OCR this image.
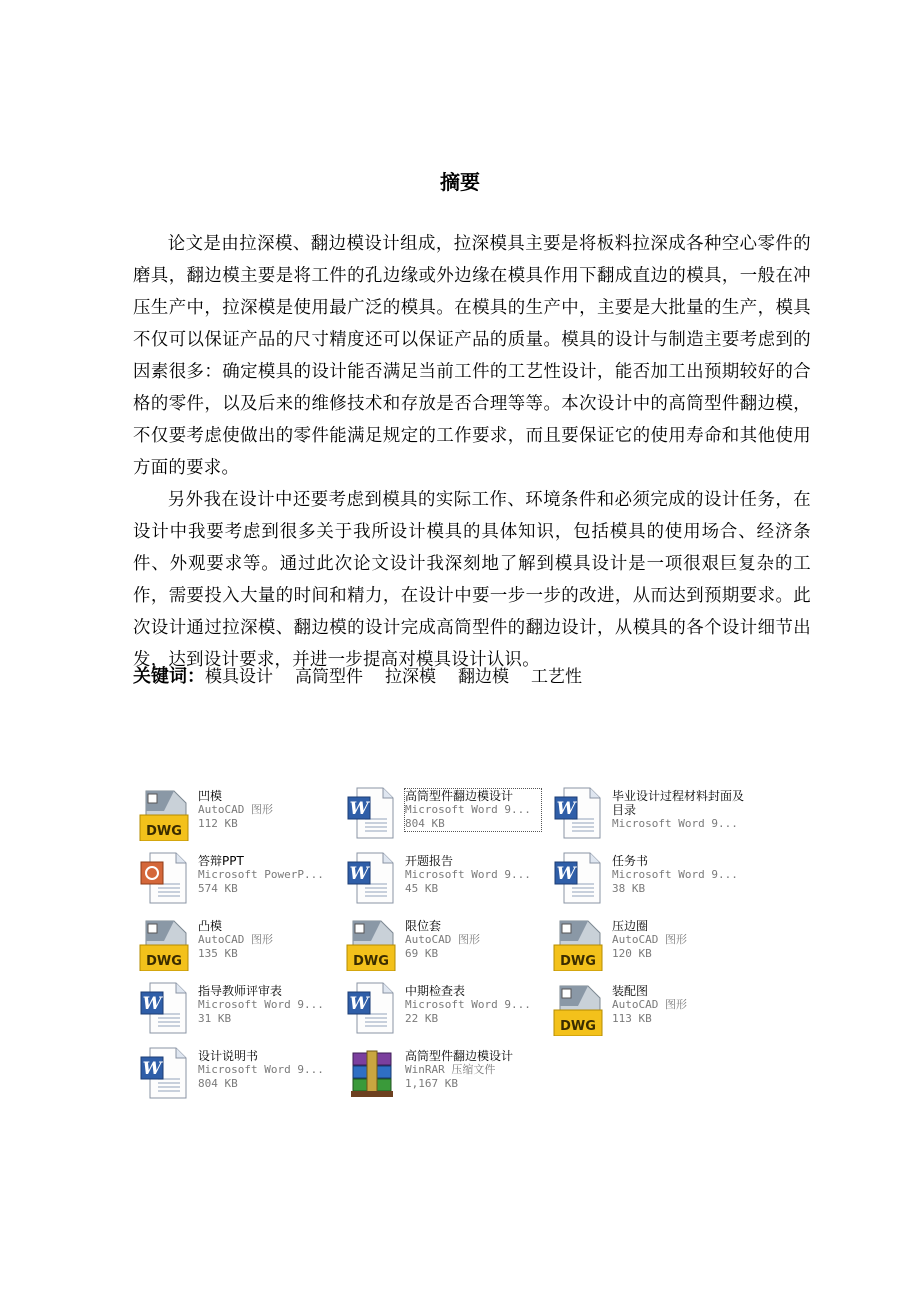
摘要

论文是由拉深模、翻边模设计组成，拉深模具主要是将板料拉深成各种空心零件的磨具，翻边模主要是将工件的孔边缘或外边缘在模具作用下翻成直边的模具，一般在冲压生产中，拉深模是使用最广泛的模具。在模具的生产中，主要是大批量的生产，模具不仅可以保证产品的尺寸精度还可以保证产品的质量。模具的设计与制造主要考虑到的因素很多：确定模具的设计能否满足当前工件的工艺性设计，能否加工出预期较好的合格的零件，以及后来的维修技术和存放是否合理等等。本次设计中的高筒型件翻边模，不仅要考虑使做出的零件能满足规定的工作要求，而且要保证它的使用寿命和其他使用方面的要求。

另外我在设计中还要考虑到模具的实际工作、环境条件和必须完成的设计任务，在设计中我要考虑到很多关于我所设计模具的具体知识，包括模具的使用场合、经济条件、外观要求等。通过此次论文设计我深刻地了解到模具设计是一项很艰巨复杂的工作，需要投入大量的时间和精力，在设计中要一步一步的改进，从而达到预期要求。此次设计通过拉深模、翻边模的设计完成高筒型件的翻边设计，从模具的各个设计细节出发，达到设计要求，并进一步提高对模具设计认识。

关键词：模具设计 高筒型件 拉深模 翻边模 工艺性
DWG
凹模
AutoCAD 图形
112 KB
W
高筒型件翻边模设计
Microsoft Word 9...
804 KB
W
毕业设计过程材料封面及目录
Microsoft Word 9...
答辩PPT
Microsoft PowerP...
574 KB
W
开题报告
Microsoft Word 9...
45 KB
W
任务书
Microsoft Word 9...
38 KB
DWG
凸模
AutoCAD 图形
135 KB
DWG
限位套
AutoCAD 图形
69 KB
DWG
压边圈
AutoCAD 图形
120 KB
W
指导教师评审表
Microsoft Word 9...
31 KB
W
中期检查表
Microsoft Word 9...
22 KB
DWG
装配图
AutoCAD 图形
113 KB
W
设计说明书
Microsoft Word 9...
804 KB
高筒型件翻边模设计
WinRAR 压缩文件
1,167 KB
